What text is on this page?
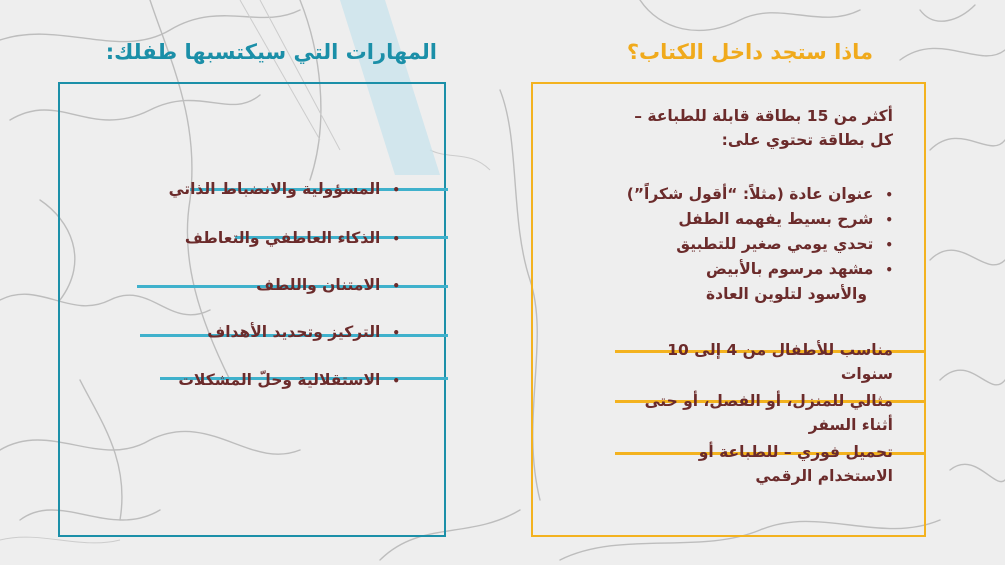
المهارات التي سيكتسبها طفلك:	ماذا ستجد داخل الكتاب؟
•المسؤولية والانضباط الذاتي
•الذكاء العاطفي والتعاطف
•الامتنان واللطف
•التركيز وتحديد الأهداف
•الاستقلالية وحلّ المشكلات
أكثر من 15 بطاقة قابلة للطباعة –
كل بطاقة تحتوي على:
•عنوان عادة (مثلاً: “أقول شكراً”)
•شرح بسيط يفهمه الطفل
•تحدي يومي صغير للتطبيق
•مشهد مرسوم بالأبيض
والأسود لتلوين العادة
مناسب للأطفال من 4 إلى 10
سنوات
مثالي للمنزل، أو الفصل، أو حتى
أثناء السفر
تحميل فوري – للطباعة أو
الاستخدام الرقمي
